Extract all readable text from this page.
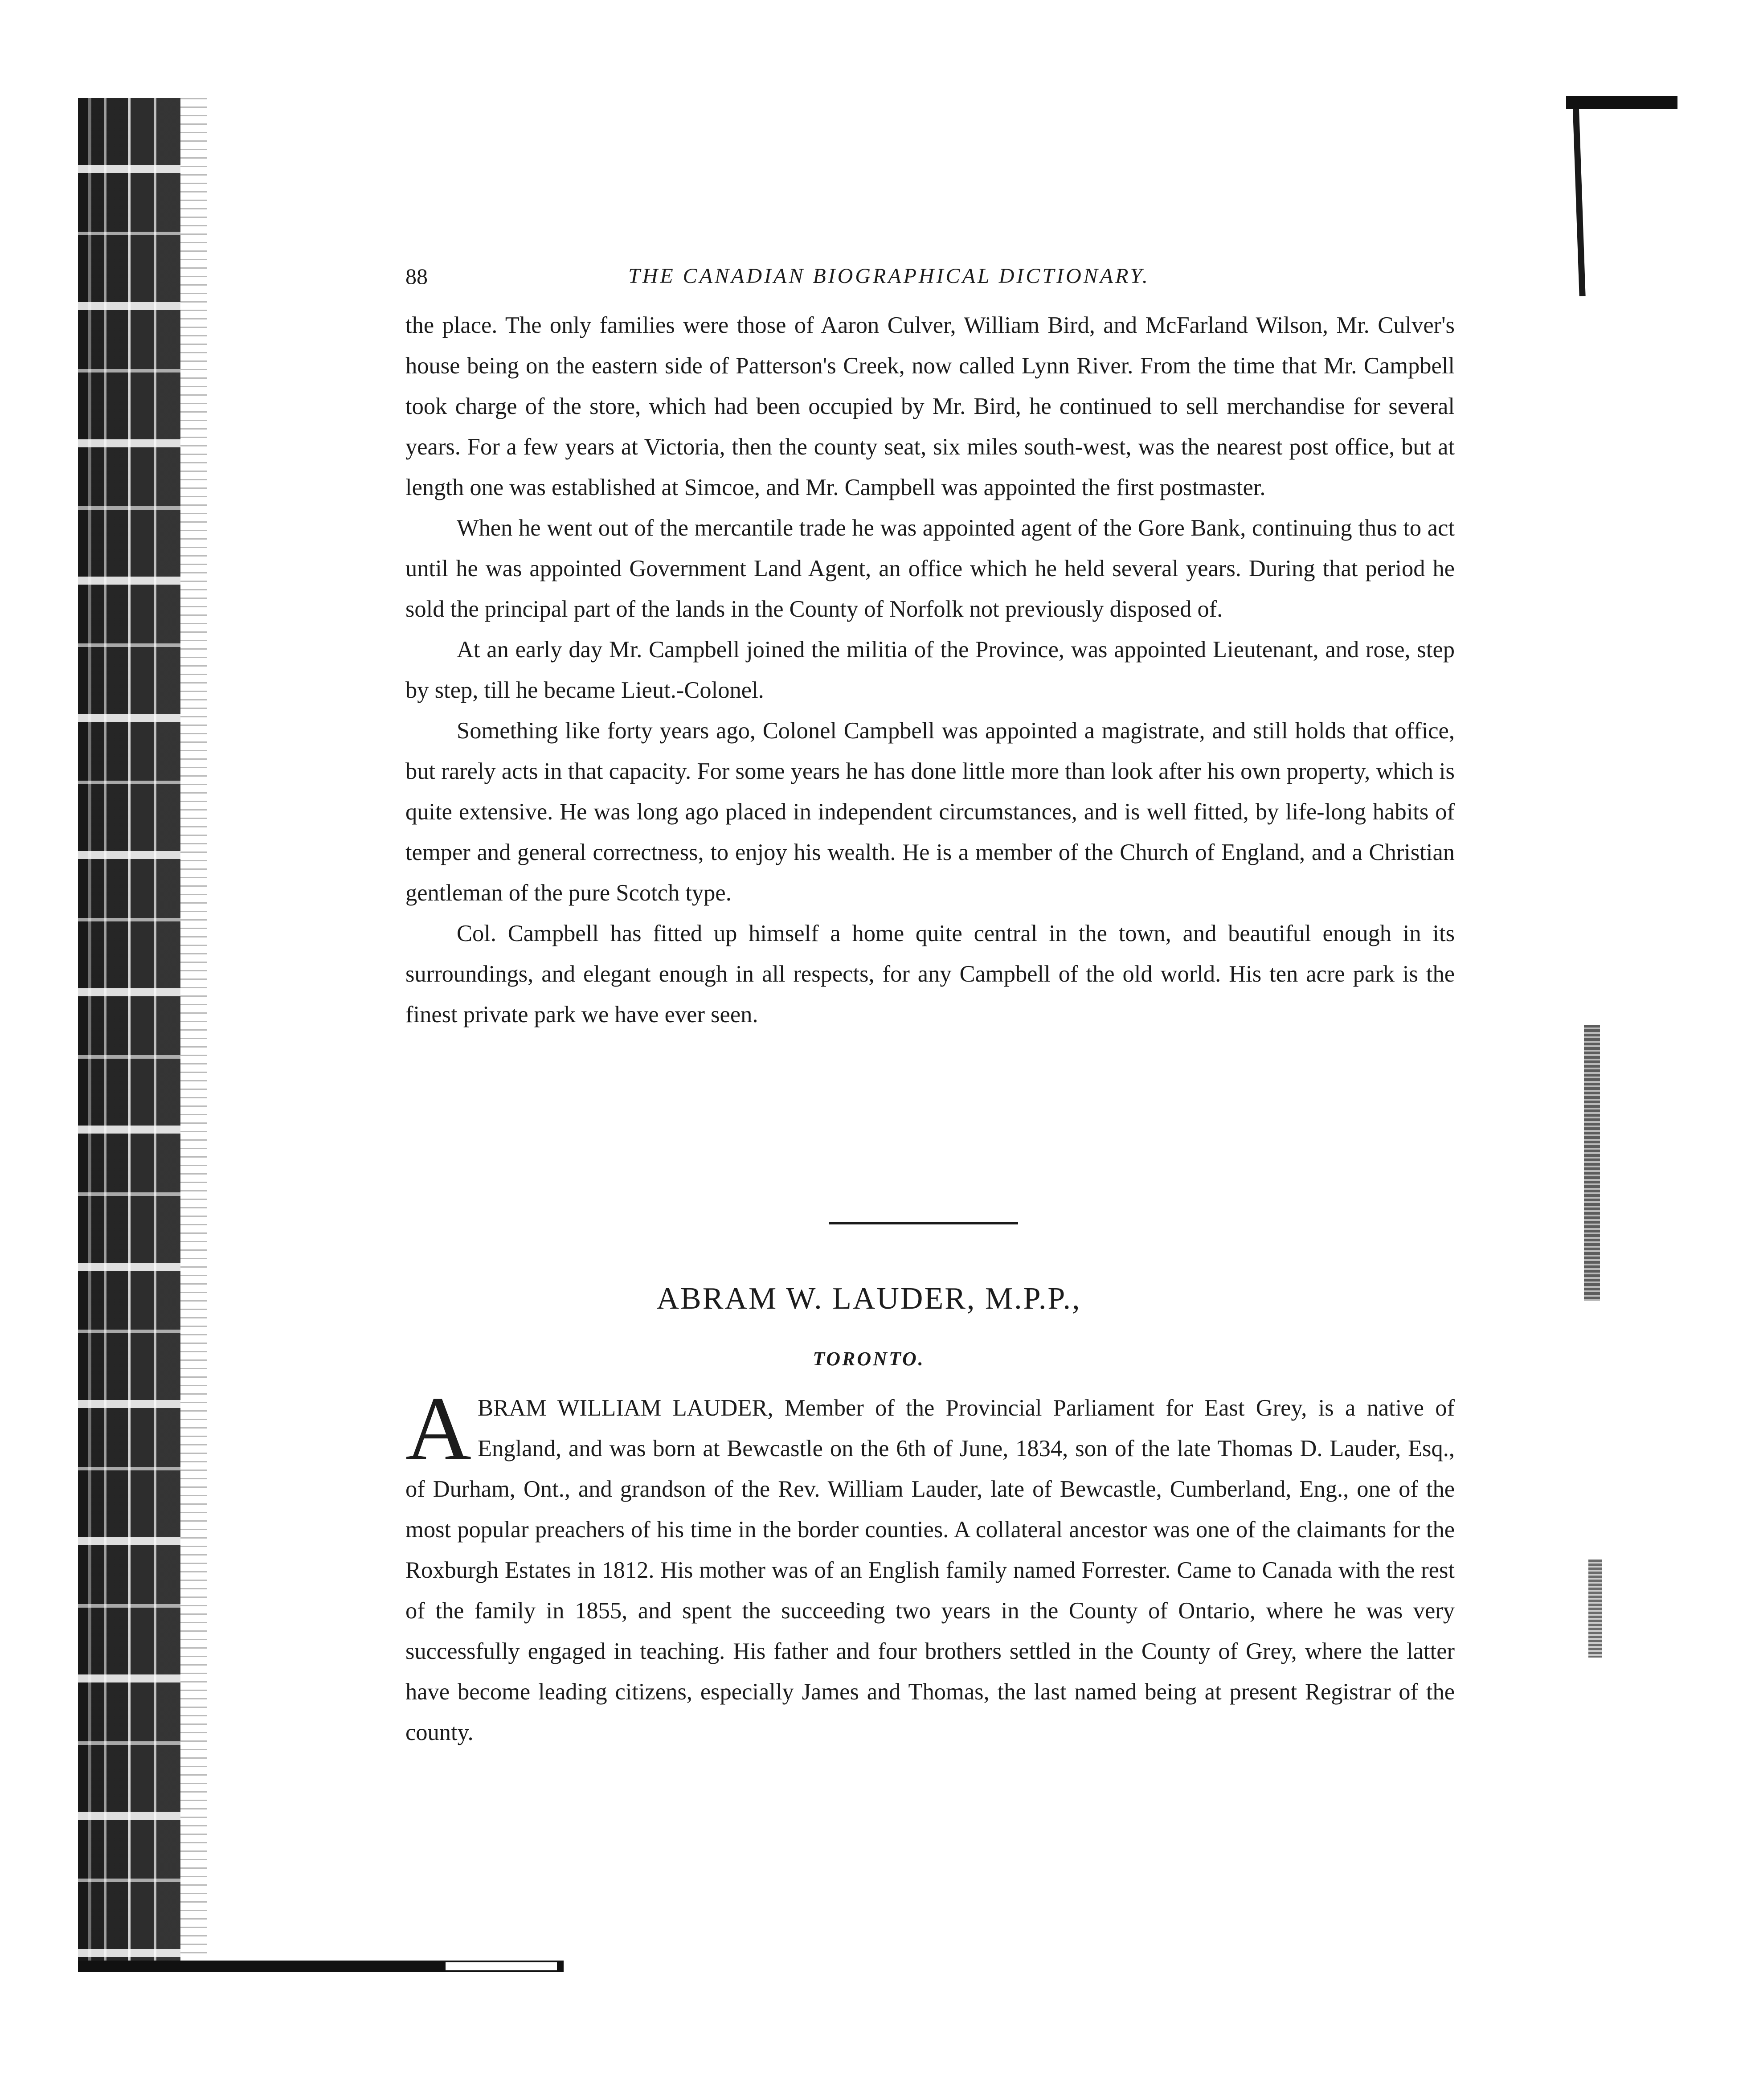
88	THE CANADIAN BIOGRAPHICAL DICTIONARY.

the place. The only families were those of Aaron Culver, William Bird, and McFarland Wilson, Mr. Culver's house being on the eastern side of Patterson's Creek, now called Lynn River. From the time that Mr. Campbell took charge of the store, which had been occupied by Mr. Bird, he continued to sell merchandise for several years. For a few years at Victoria, then the county seat, six miles south-west, was the nearest post office, but at length one was established at Simcoe, and Mr. Campbell was appointed the first postmaster.

When he went out of the mercantile trade he was appointed agent of the Gore Bank, continuing thus to act until he was appointed Government Land Agent, an office which he held several years. During that period he sold the principal part of the lands in the County of Norfolk not previously disposed of.

At an early day Mr. Campbell joined the militia of the Province, was appointed Lieutenant, and rose, step by step, till he became Lieut.-Colonel.

Something like forty years ago, Colonel Campbell was appointed a magistrate, and still holds that office, but rarely acts in that capacity. For some years he has done little more than look after his own property, which is quite extensive. He was long ago placed in independent circumstances, and is well fitted, by life-long habits of temper and general correctness, to enjoy his wealth. He is a member of the Church of England, and a Christian gentleman of the pure Scotch type.

Col. Campbell has fitted up himself a home quite central in the town, and beautiful enough in its surroundings, and elegant enough in all respects, for any Campbell of the old world. His ten acre park is the finest private park we have ever seen.

ABRAM W. LAUDER, M.P.P.,
TORONTO.

ABRAM WILLIAM LAUDER, Member of the Provincial Parliament for East Grey, is a native of England, and was born at Bewcastle on the 6th of June, 1834, son of the late Thomas D. Lauder, Esq., of Durham, Ont., and grandson of the Rev. William Lauder, late of Bewcastle, Cumberland, Eng., one of the most popular preachers of his time in the border counties. A collateral ancestor was one of the claimants for the Roxburgh Estates in 1812. His mother was of an English family named Forrester. Came to Canada with the rest of the family in 1855, and spent the succeeding two years in the County of Ontario, where he was very successfully engaged in teaching. His father and four brothers settled in the County of Grey, where the latter have become leading citizens, especially James and Thomas, the last named being at present Registrar of the county.
